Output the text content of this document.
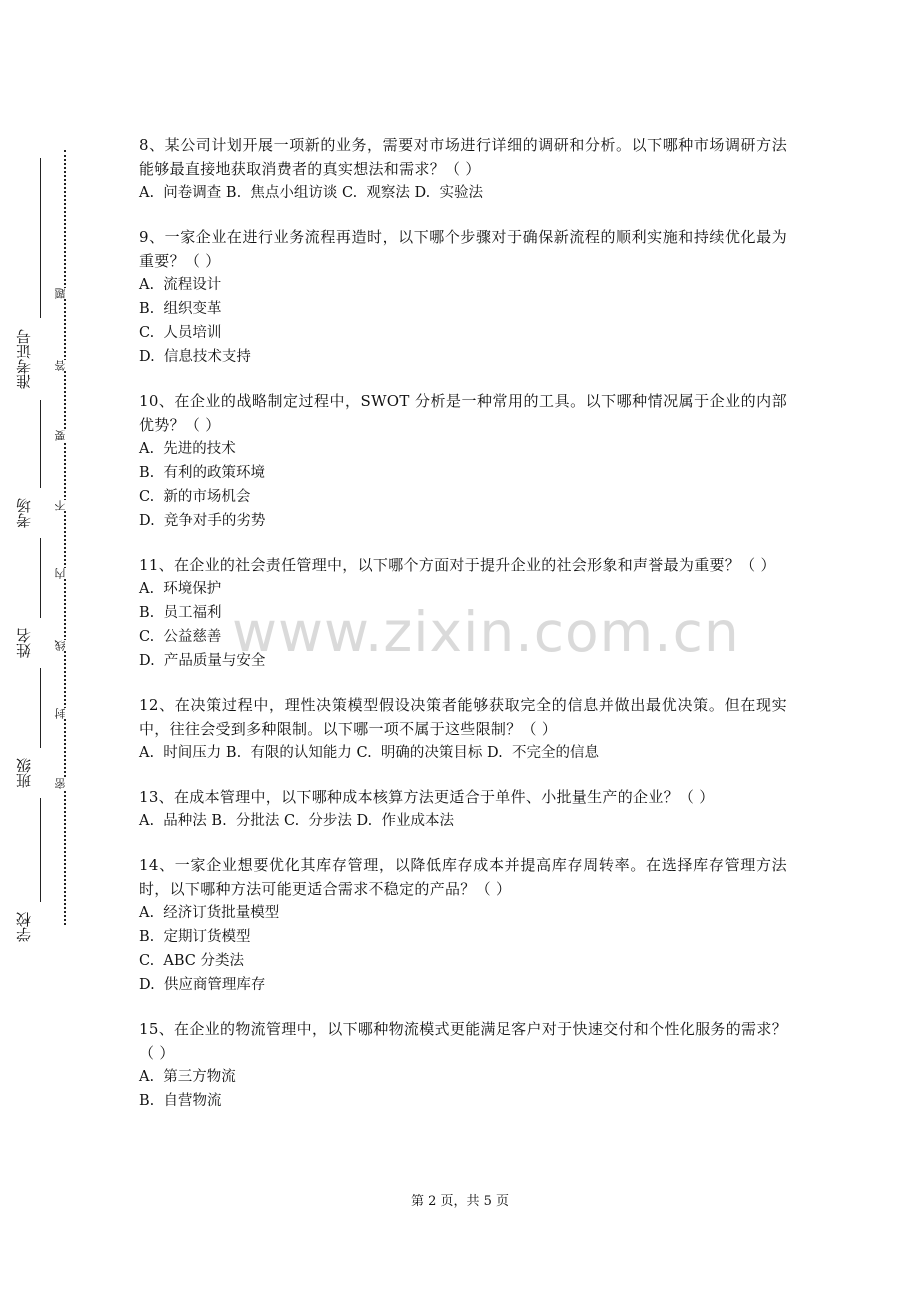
准考证号
考场
姓名
班级
学校
题
答
要
不
内
线
封
密
8、某公司计划开展一项新的业务，需要对市场进行详细的调研和分析。以下哪种市场调研方法能够最直接地获取消费者的真实想法和需求？（ ）
A.  问卷调查 B.  焦点小组访谈 C.  观察法 D.  实验法
9、一家企业在进行业务流程再造时，以下哪个步骤对于确保新流程的顺利实施和持续优化最为重要？（ ）
A.  流程设计
B.  组织变革
C.  人员培训
D.  信息技术支持
10、在企业的战略制定过程中，SWOT 分析是一种常用的工具。以下哪种情况属于企业的内部优势？（ ）
A.  先进的技术
B.  有利的政策环境
C.  新的市场机会
D.  竞争对手的劣势
11、在企业的社会责任管理中，以下哪个方面对于提升企业的社会形象和声誉最为重要？（ ）
A.  环境保护
B.  员工福利
C.  公益慈善
D.  产品质量与安全
12、在决策过程中，理性决策模型假设决策者能够获取完全的信息并做出最优决策。但在现实中，往往会受到多种限制。以下哪一项不属于这些限制？（ ）
A.  时间压力 B.  有限的认知能力 C.  明确的决策目标 D.  不完全的信息
13、在成本管理中，以下哪种成本核算方法更适合于单件、小批量生产的企业？（ ）
A.  品种法 B.  分批法 C.  分步法 D.  作业成本法
14、一家企业想要优化其库存管理，以降低库存成本并提高库存周转率。在选择库存管理方法时，以下哪种方法可能更适合需求不稳定的产品？（ ）
A.  经济订货批量模型
B.  定期订货模型
C.  ABC 分类法
D.  供应商管理库存
15、在企业的物流管理中，以下哪种物流模式更能满足客户对于快速交付和个性化服务的需求？（ ）
A.  第三方物流
B.  自营物流
www.zixin.com.cn
第 2 页，共 5 页
